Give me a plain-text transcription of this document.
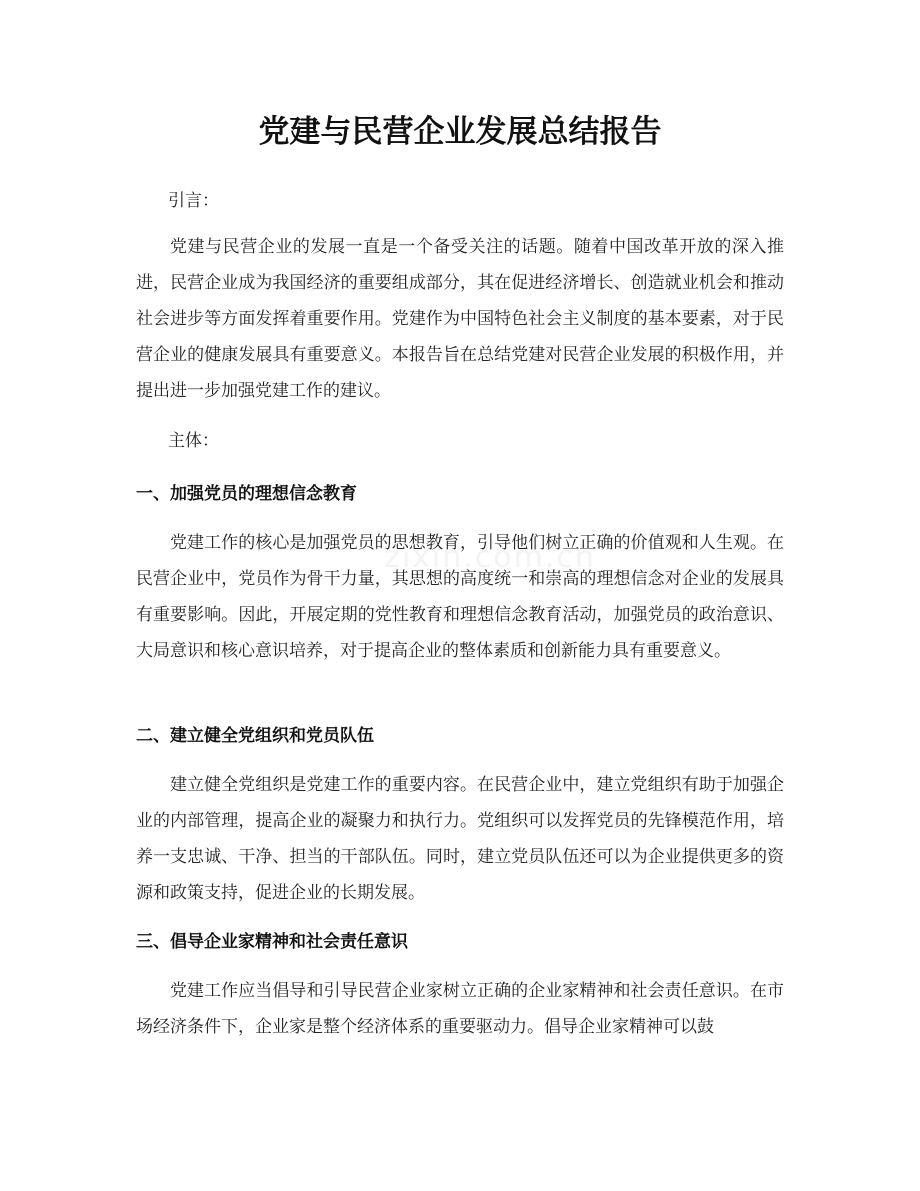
党建与民营企业发展总结报告
引言：

党建与民营企业的发展一直是一个备受关注的话题。随着中国改革开放的深入推进，民营企业成为我国经济的重要组成部分，其在促进经济增长、创造就业机会和推动社会进步等方面发挥着重要作用。党建作为中国特色社会主义制度的基本要素，对于民营企业的健康发展具有重要意义。本报告旨在总结党建对民营企业发展的积极作用，并提出进一步加强党建工作的建议。

主体：
一、加强党员的理想信念教育

党建工作的核心是加强党员的思想教育，引导他们树立正确的价值观和人生观。在民营企业中，党员作为骨干力量，其思想的高度统一和崇高的理想信念对企业的发展具有重要影响。因此，开展定期的党性教育和理想信念教育活动，加强党员的政治意识、大局意识和核心意识培养，对于提高企业的整体素质和创新能力具有重要意义。

二、建立健全党组织和党员队伍

建立健全党组织是党建工作的重要内容。在民营企业中，建立党组织有助于加强企业的内部管理，提高企业的凝聚力和执行力。党组织可以发挥党员的先锋模范作用，培养一支忠诚、干净、担当的干部队伍。同时，建立党员队伍还可以为企业提供更多的资源和政策支持，促进企业的长期发展。

三、倡导企业家精神和社会责任意识

党建工作应当倡导和引导民营企业家树立正确的企业家精神和社会责任意识。在市场经济条件下，企业家是整个经济体系的重要驱动力。倡导企业家精神可以鼓
